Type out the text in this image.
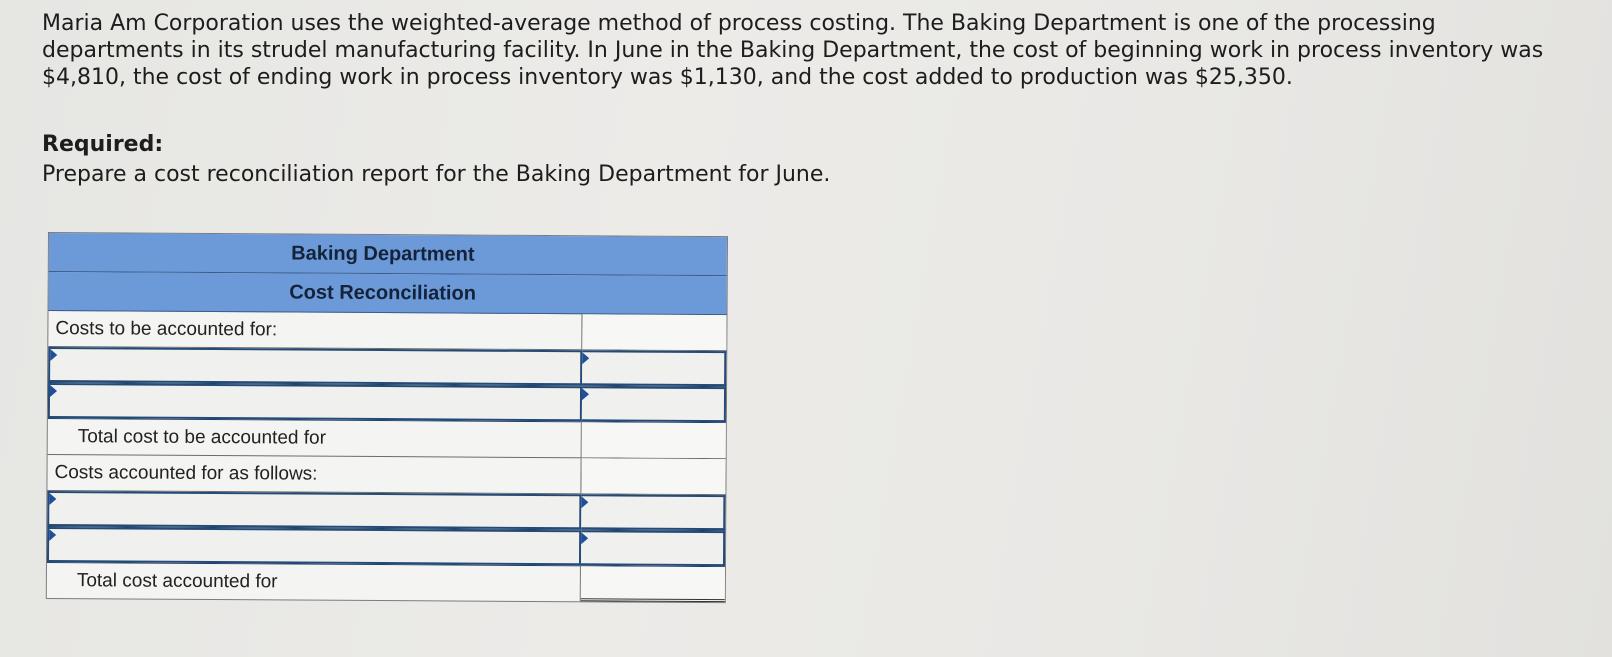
Maria Am Corporation uses the weighted-average method of process costing. The Baking Department is one of the processing departments in its strudel manufacturing facility. In June in the Baking Department, the cost of beginning work in process inventory was $4,810, the cost of ending work in process inventory was $1,130, and the cost added to production was $25,350.

Required:
Prepare a cost reconciliation report for the Baking Department for June.
Baking Department
Cost Reconciliation
Costs to be accounted for:
Total cost to be accounted for
Costs accounted for as follows:
Total cost accounted for
